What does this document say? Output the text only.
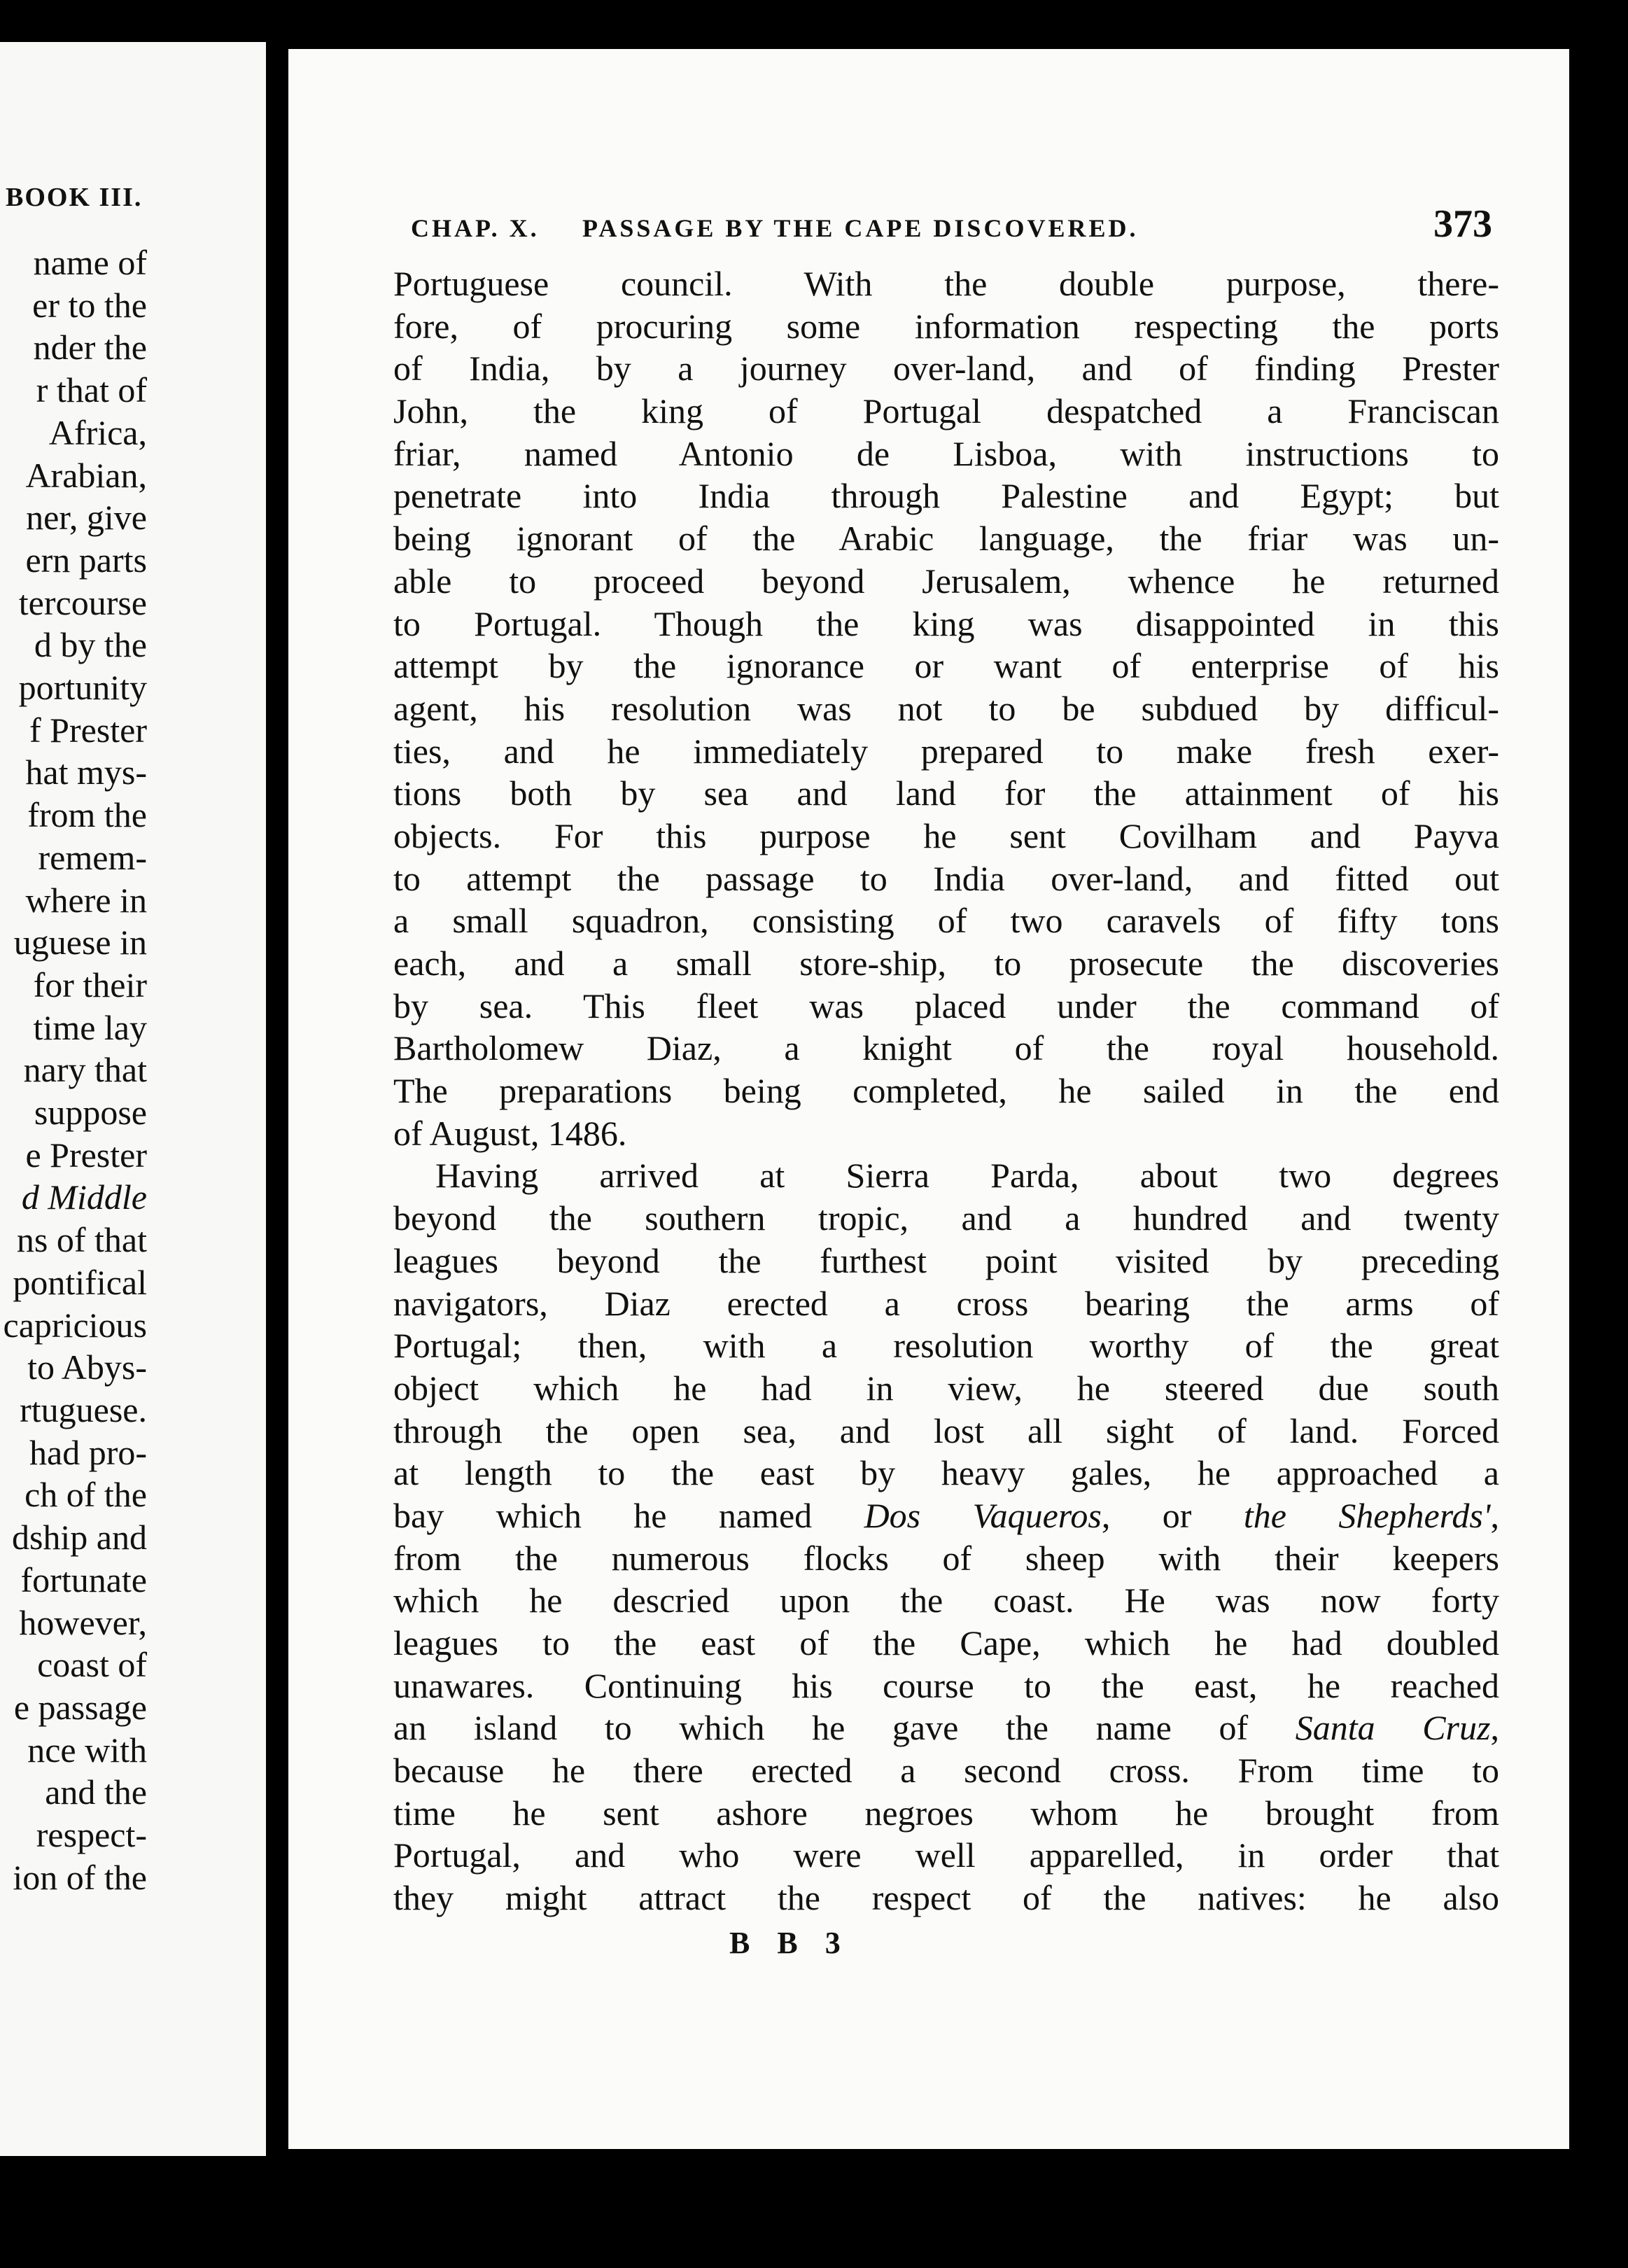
BOOK III.
name of
er to the
nder the
r that of
Africa,
Arabian,
ner, give
ern parts
tercourse
d by the
portunity
f Prester
hat mys-
from the
remem-
where in
uguese in
for their
time lay
nary that
suppose
e Prester
d Middle
ns of that
pontifical
capricious
to Abys-
rtuguese.
had pro-
ch of the
dship and
fortunate
however,
coast of
e passage
nce with
and the
respect-
ion of the
CHAP. X. PASSAGE BY THE CAPE DISCOVERED.	373
Portuguese council. With the double purpose, there-
fore, of procuring some information respecting the ports
of India, by a journey over-land, and of finding Prester
John, the king of Portugal despatched a Franciscan
friar, named Antonio de Lisboa, with instructions to
penetrate into India through Palestine and Egypt; but
being ignorant of the Arabic language, the friar was un-
able to proceed beyond Jerusalem, whence he returned
to Portugal. Though the king was disappointed in this
attempt by the ignorance or want of enterprise of his
agent, his resolution was not to be subdued by difficul-
ties, and he immediately prepared to make fresh exer-
tions both by sea and land for the attainment of his
objects. For this purpose he sent Covilham and Payva
to attempt the passage to India over-land, and fitted out
a small squadron, consisting of two caravels of fifty tons
each, and a small store-ship, to prosecute the discoveries
by sea. This fleet was placed under the command of
Bartholomew Diaz, a knight of the royal household.
The preparations being completed, he sailed in the end
of August, 1486.
Having arrived at Sierra Parda, about two degrees
beyond the southern tropic, and a hundred and twenty
leagues beyond the furthest point visited by preceding
navigators, Diaz erected a cross bearing the arms of
Portugal; then, with a resolution worthy of the great
object which he had in view, he steered due south
through the open sea, and lost all sight of land. Forced
at length to the east by heavy gales, he approached a
bay which he named Dos Vaqueros, or the Shepherds',
from the numerous flocks of sheep with their keepers
which he descried upon the coast. He was now forty
leagues to the east of the Cape, which he had doubled
unawares. Continuing his course to the east, he reached
an island to which he gave the name of Santa Cruz,
because he there erected a second cross. From time to
time he sent ashore negroes whom he brought from
Portugal, and who were well apparelled, in order that
they might attract the respect of the natives: he also
B B 3
